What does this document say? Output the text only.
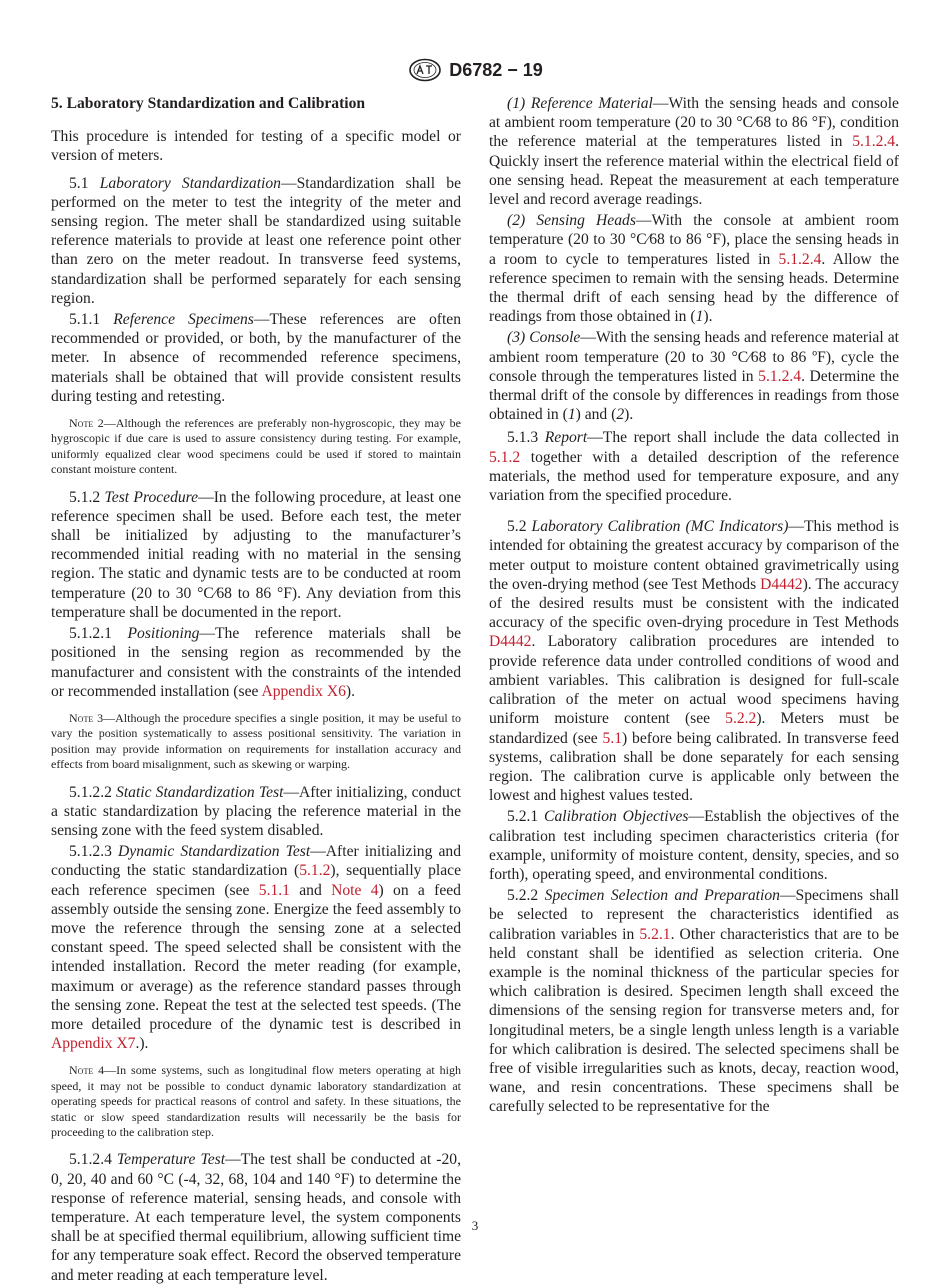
D6782 − 19
5. Laboratory Standardization and Calibration

This procedure is intended for testing of a specific model or version of meters.

5.1 Laboratory Standardization—Standardization shall be performed on the meter to test the integrity of the meter and sensing region. The meter shall be standardized using suitable reference materials to provide at least one reference point other than zero on the meter readout. In transverse feed systems, standardization shall be performed separately for each sensing region.

5.1.1 Reference Specimens—These references are often recommended or provided, or both, by the manufacturer of the meter. In absence of recommended reference specimens, materials shall be obtained that will provide consistent results during testing and retesting.

Note 2—Although the references are preferably non-hygroscopic, they may be hygroscopic if due care is used to assure consistency during testing. For example, uniformly equalized clear wood specimens could be used if stored to maintain constant moisture content.

5.1.2 Test Procedure—In the following procedure, at least one reference specimen shall be used. Before each test, the meter shall be initialized by adjusting to the manufacturer’s recommended initial reading with no material in the sensing region. The static and dynamic tests are to be conducted at room temperature (20 to 30 °C⁄68 to 86 °F). Any deviation from this temperature shall be documented in the report.

5.1.2.1 Positioning—The reference materials shall be positioned in the sensing region as recommended by the manufacturer and consistent with the constraints of the intended or recommended installation (see Appendix X6).

Note 3—Although the procedure specifies a single position, it may be useful to vary the position systematically to assess positional sensitivity. The variation in position may provide information on requirements for installation accuracy and effects from board misalignment, such as skewing or warping.

5.1.2.2 Static Standardization Test—After initializing, conduct a static standardization by placing the reference material in the sensing zone with the feed system disabled.

5.1.2.3 Dynamic Standardization Test—After initializing and conducting the static standardization (5.1.2), sequentially place each reference specimen (see 5.1.1 and Note 4) on a feed assembly outside the sensing zone. Energize the feed assembly to move the reference through the sensing zone at a selected constant speed. The speed selected shall be consistent with the intended installation. Record the meter reading (for example, maximum or average) as the reference standard passes through the sensing zone. Repeat the test at the selected test speeds. (The more detailed procedure of the dynamic test is described in Appendix X7.).

Note 4—In some systems, such as longitudinal flow meters operating at high speed, it may not be possible to conduct dynamic laboratory standardization at operating speeds for practical reasons of control and safety. In these situations, the static or slow speed standardization results will necessarily be the basis for proceeding to the calibration step.

5.1.2.4 Temperature Test—The test shall be conducted at -20, 0, 20, 40 and 60 °C (-4, 32, 68, 104 and 140 °F) to determine the response of reference material, sensing heads, and console with temperature. At each temperature level, the system components shall be at specified thermal equilibrium, allowing sufficient time for any temperature soak effect. Record the observed temperature and meter reading at each temperature level.

(1) Reference Material—With the sensing heads and console at ambient room temperature (20 to 30 °C⁄68 to 86 °F), condition the reference material at the temperatures listed in 5.1.2.4. Quickly insert the reference material within the electrical field of one sensing head. Repeat the measurement at each temperature level and record average readings.

(2) Sensing Heads—With the console at ambient room temperature (20 to 30 °C⁄68 to 86 °F), place the sensing heads in a room to cycle to temperatures listed in 5.1.2.4. Allow the reference specimen to remain with the sensing heads. Determine the thermal drift of each sensing head by the difference of readings from those obtained in (1).

(3) Console—With the sensing heads and reference material at ambient room temperature (20 to 30 °C⁄68 to 86 ºF), cycle the console through the temperatures listed in 5.1.2.4. Determine the thermal drift of the console by differences in readings from those obtained in (1) and (2).

5.1.3 Report—The report shall include the data collected in 5.1.2 together with a detailed description of the reference materials, the method used for temperature exposure, and any variation from the specified procedure.

5.2 Laboratory Calibration (MC Indicators)—This method is intended for obtaining the greatest accuracy by comparison of the meter output to moisture content obtained gravimetrically using the oven-drying method (see Test Methods D4442). The accuracy of the desired results must be consistent with the indicated accuracy of the specific oven-drying procedure in Test Methods D4442. Laboratory calibration procedures are intended to provide reference data under controlled conditions of wood and ambient variables. This calibration is designed for full-scale calibration of the meter on actual wood specimens having uniform moisture content (see 5.2.2). Meters must be standardized (see 5.1) before being calibrated. In transverse feed systems, calibration shall be done separately for each sensing region. The calibration curve is applicable only between the lowest and highest values tested.

5.2.1 Calibration Objectives—Establish the objectives of the calibration test including specimen characteristics criteria (for example, uniformity of moisture content, density, species, and so forth), operating speed, and environmental conditions.

5.2.2 Specimen Selection and Preparation—Specimens shall be selected to represent the characteristics identified as calibration variables in 5.2.1. Other characteristics that are to be held constant shall be identified as selection criteria. One example is the nominal thickness of the particular species for which calibration is desired. Specimen length shall exceed the dimensions of the sensing region for transverse meters and, for longitudinal meters, be a single length unless length is a variable for which calibration is desired. The selected specimens shall be free of visible irregularities such as knots, decay, reaction wood, wane, and resin concentrations. These specimens shall be carefully selected to be representative for the

3
